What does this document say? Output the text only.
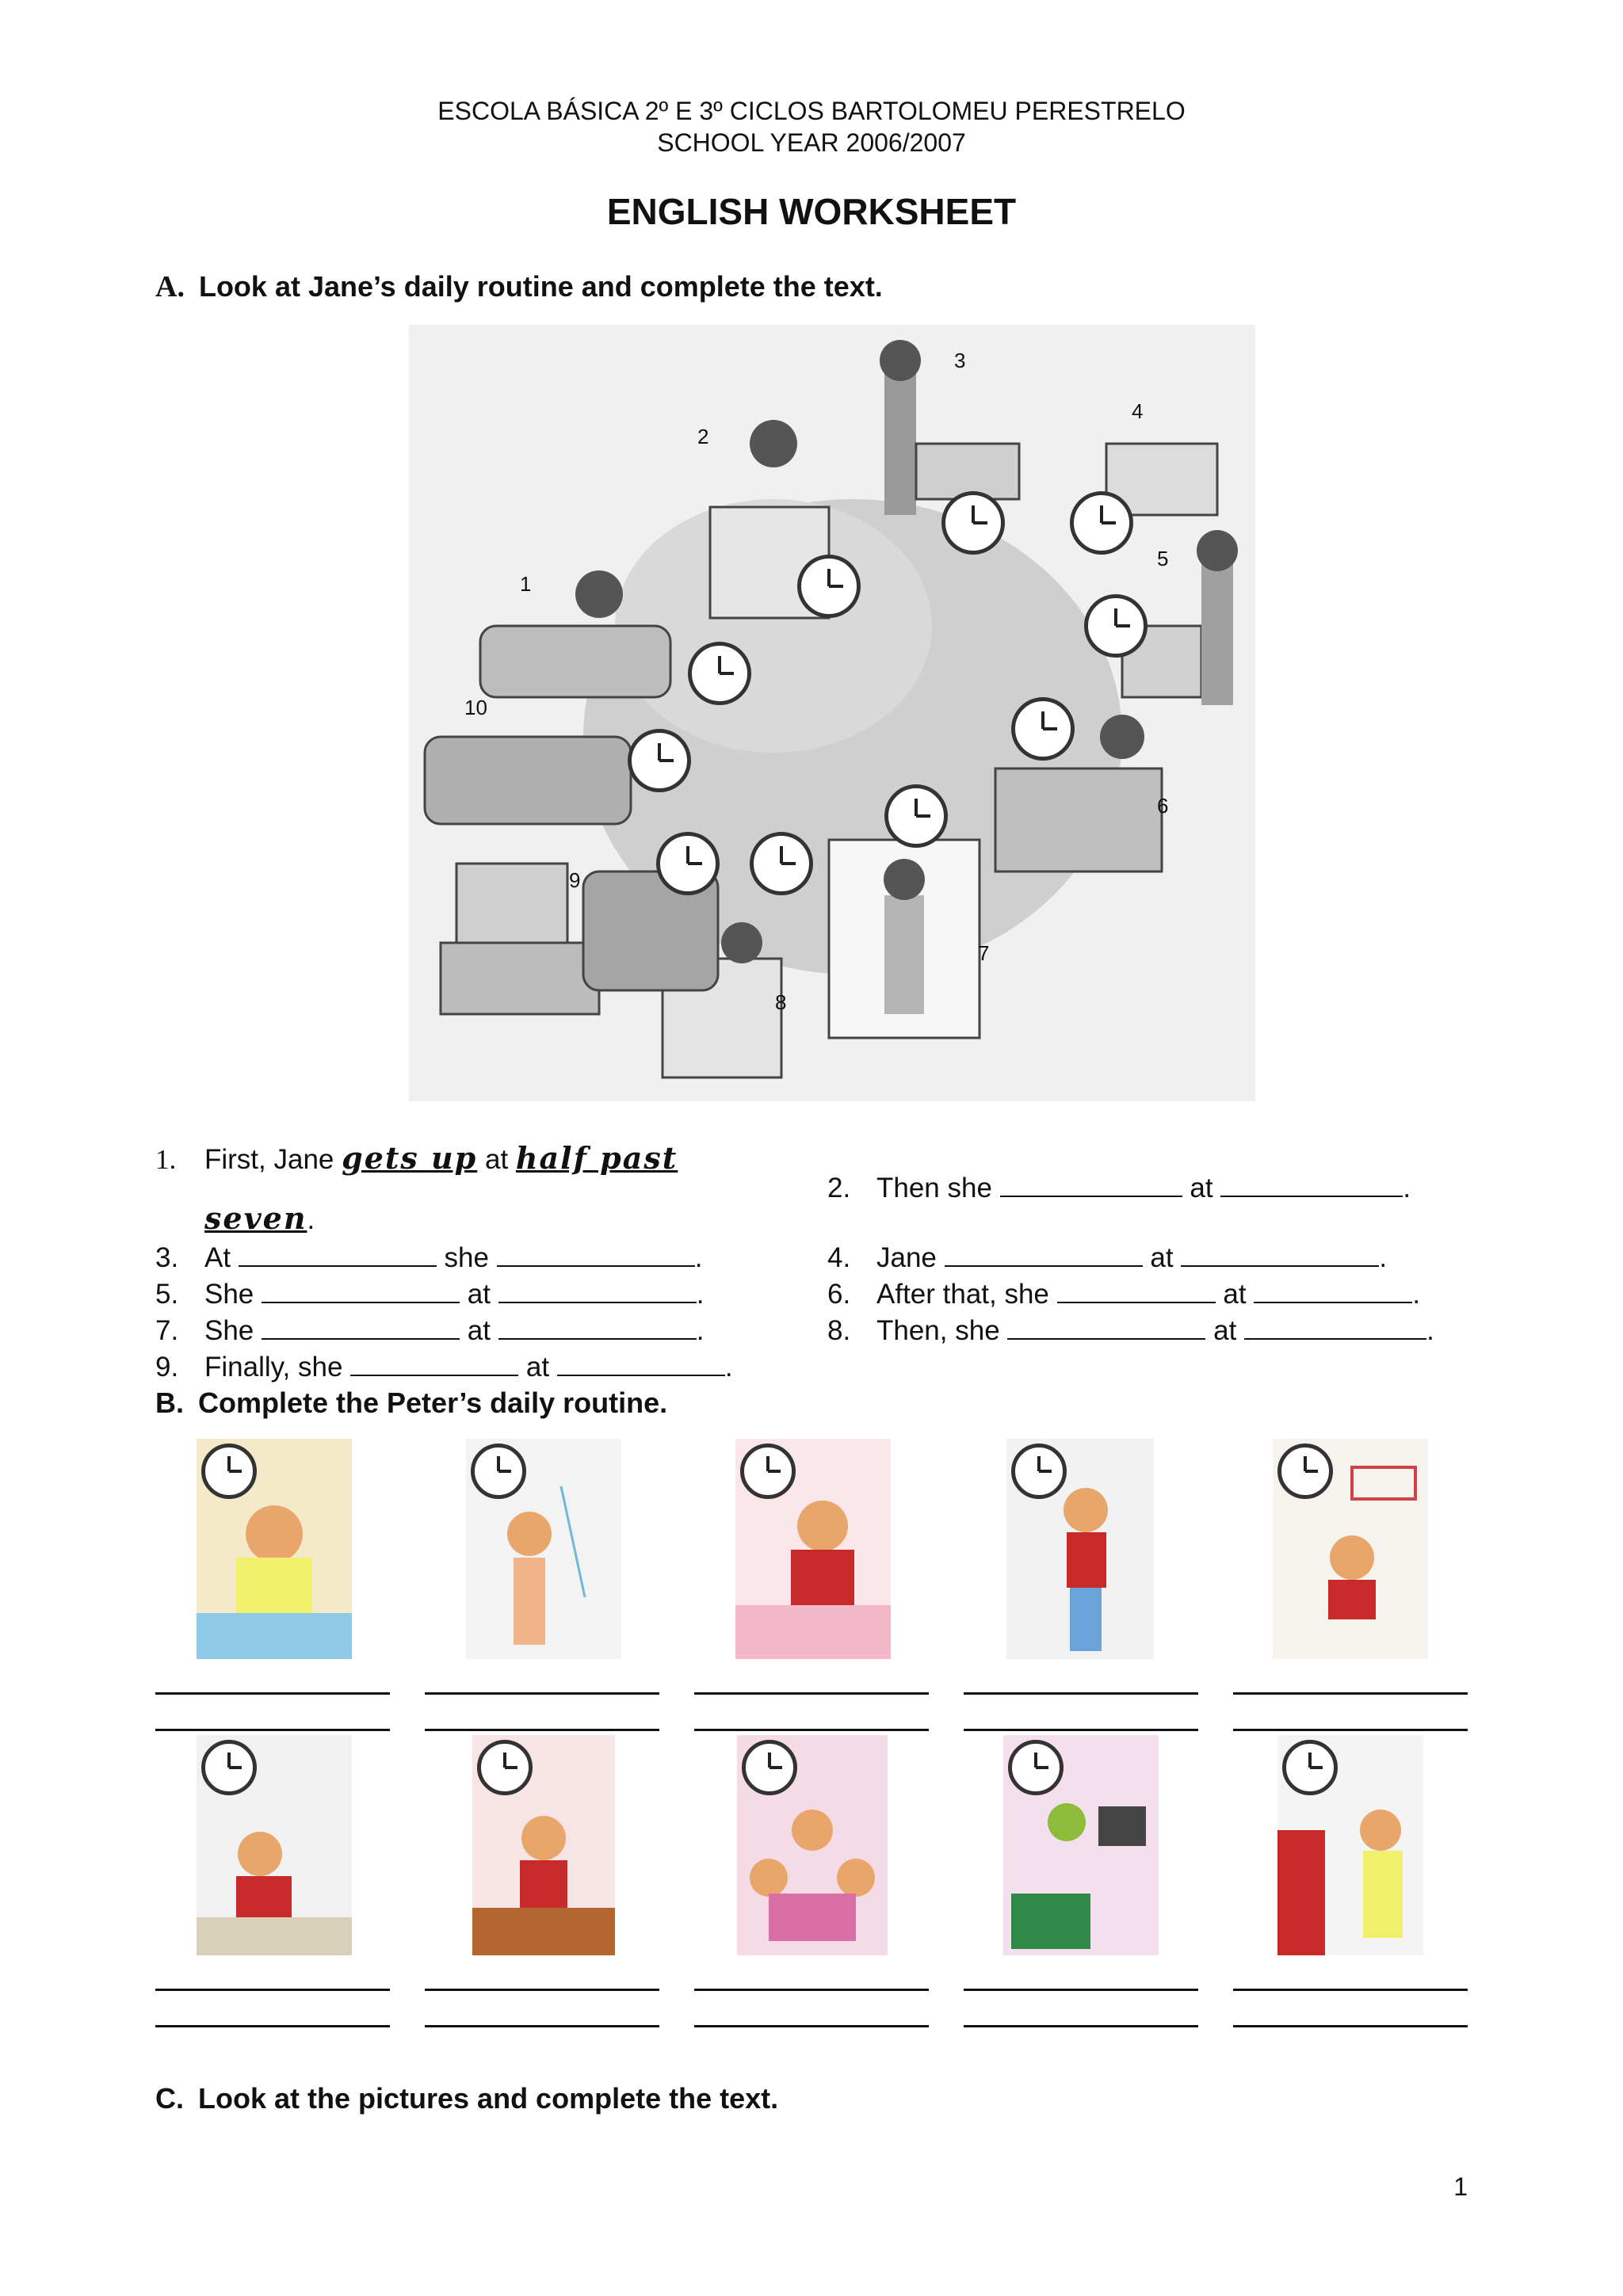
ESCOLA BÁSICA 2º E 3º CICLOS BARTOLOMEU PERESTRELO
SCHOOL YEAR 2006/2007
ENGLISH WORKSHEET
A. Look at Jane’s daily routine and complete the text.
1
2
3
4
5
6
7
8
9
10
1. First, Jane gets up at half past
seven.
2. Then she	at	.
3. At	she	.	4. Jane	at	.
5. She	at	.	6. After that, she	at	.
7. She	at	.	8. Then, she	at	.
9. Finally, she	at	.
B. Complete the Peter’s daily routine.
C. Look at the pictures and complete the text.
1
